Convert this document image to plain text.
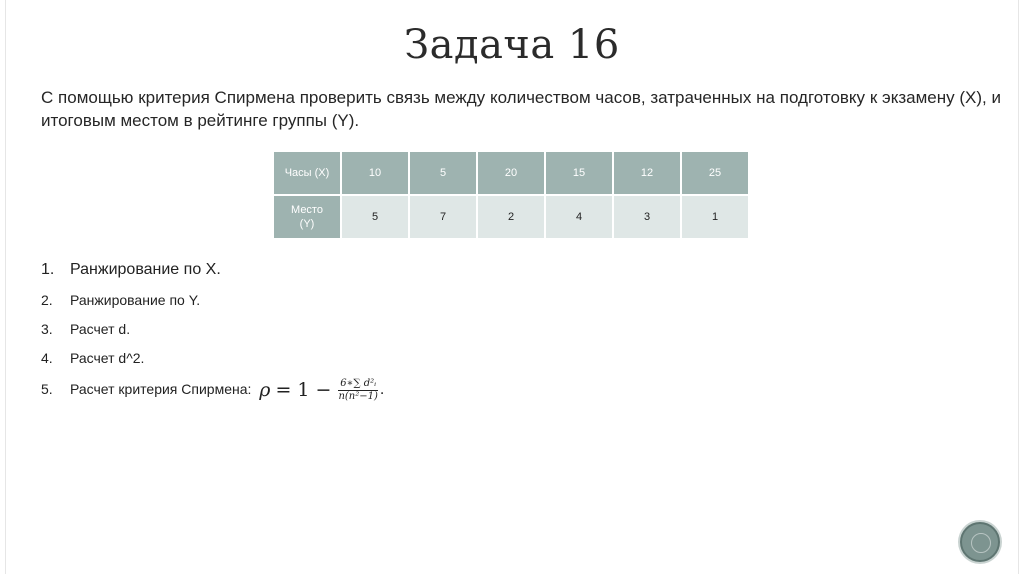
Задача 16
С помощью критерия Спирмена проверить связь между количеством часов, затраченных на подготовку к экзамену (X), и итоговым местом в рейтинге группы (Y).
Часы (X)	10	5	20	15	12	25
Место
(Y)	5	7	2	4	3	1
1. Ранжирование по X.
2. Ранжирование по Y.
3. Расчет d.
4. Расчет d^2.
5. Расчет критерия Спирмена: $\rho = 1 - \frac{\text{6∗∑ d²ᵢ}}{\text{n(n²−1)}}$ .
